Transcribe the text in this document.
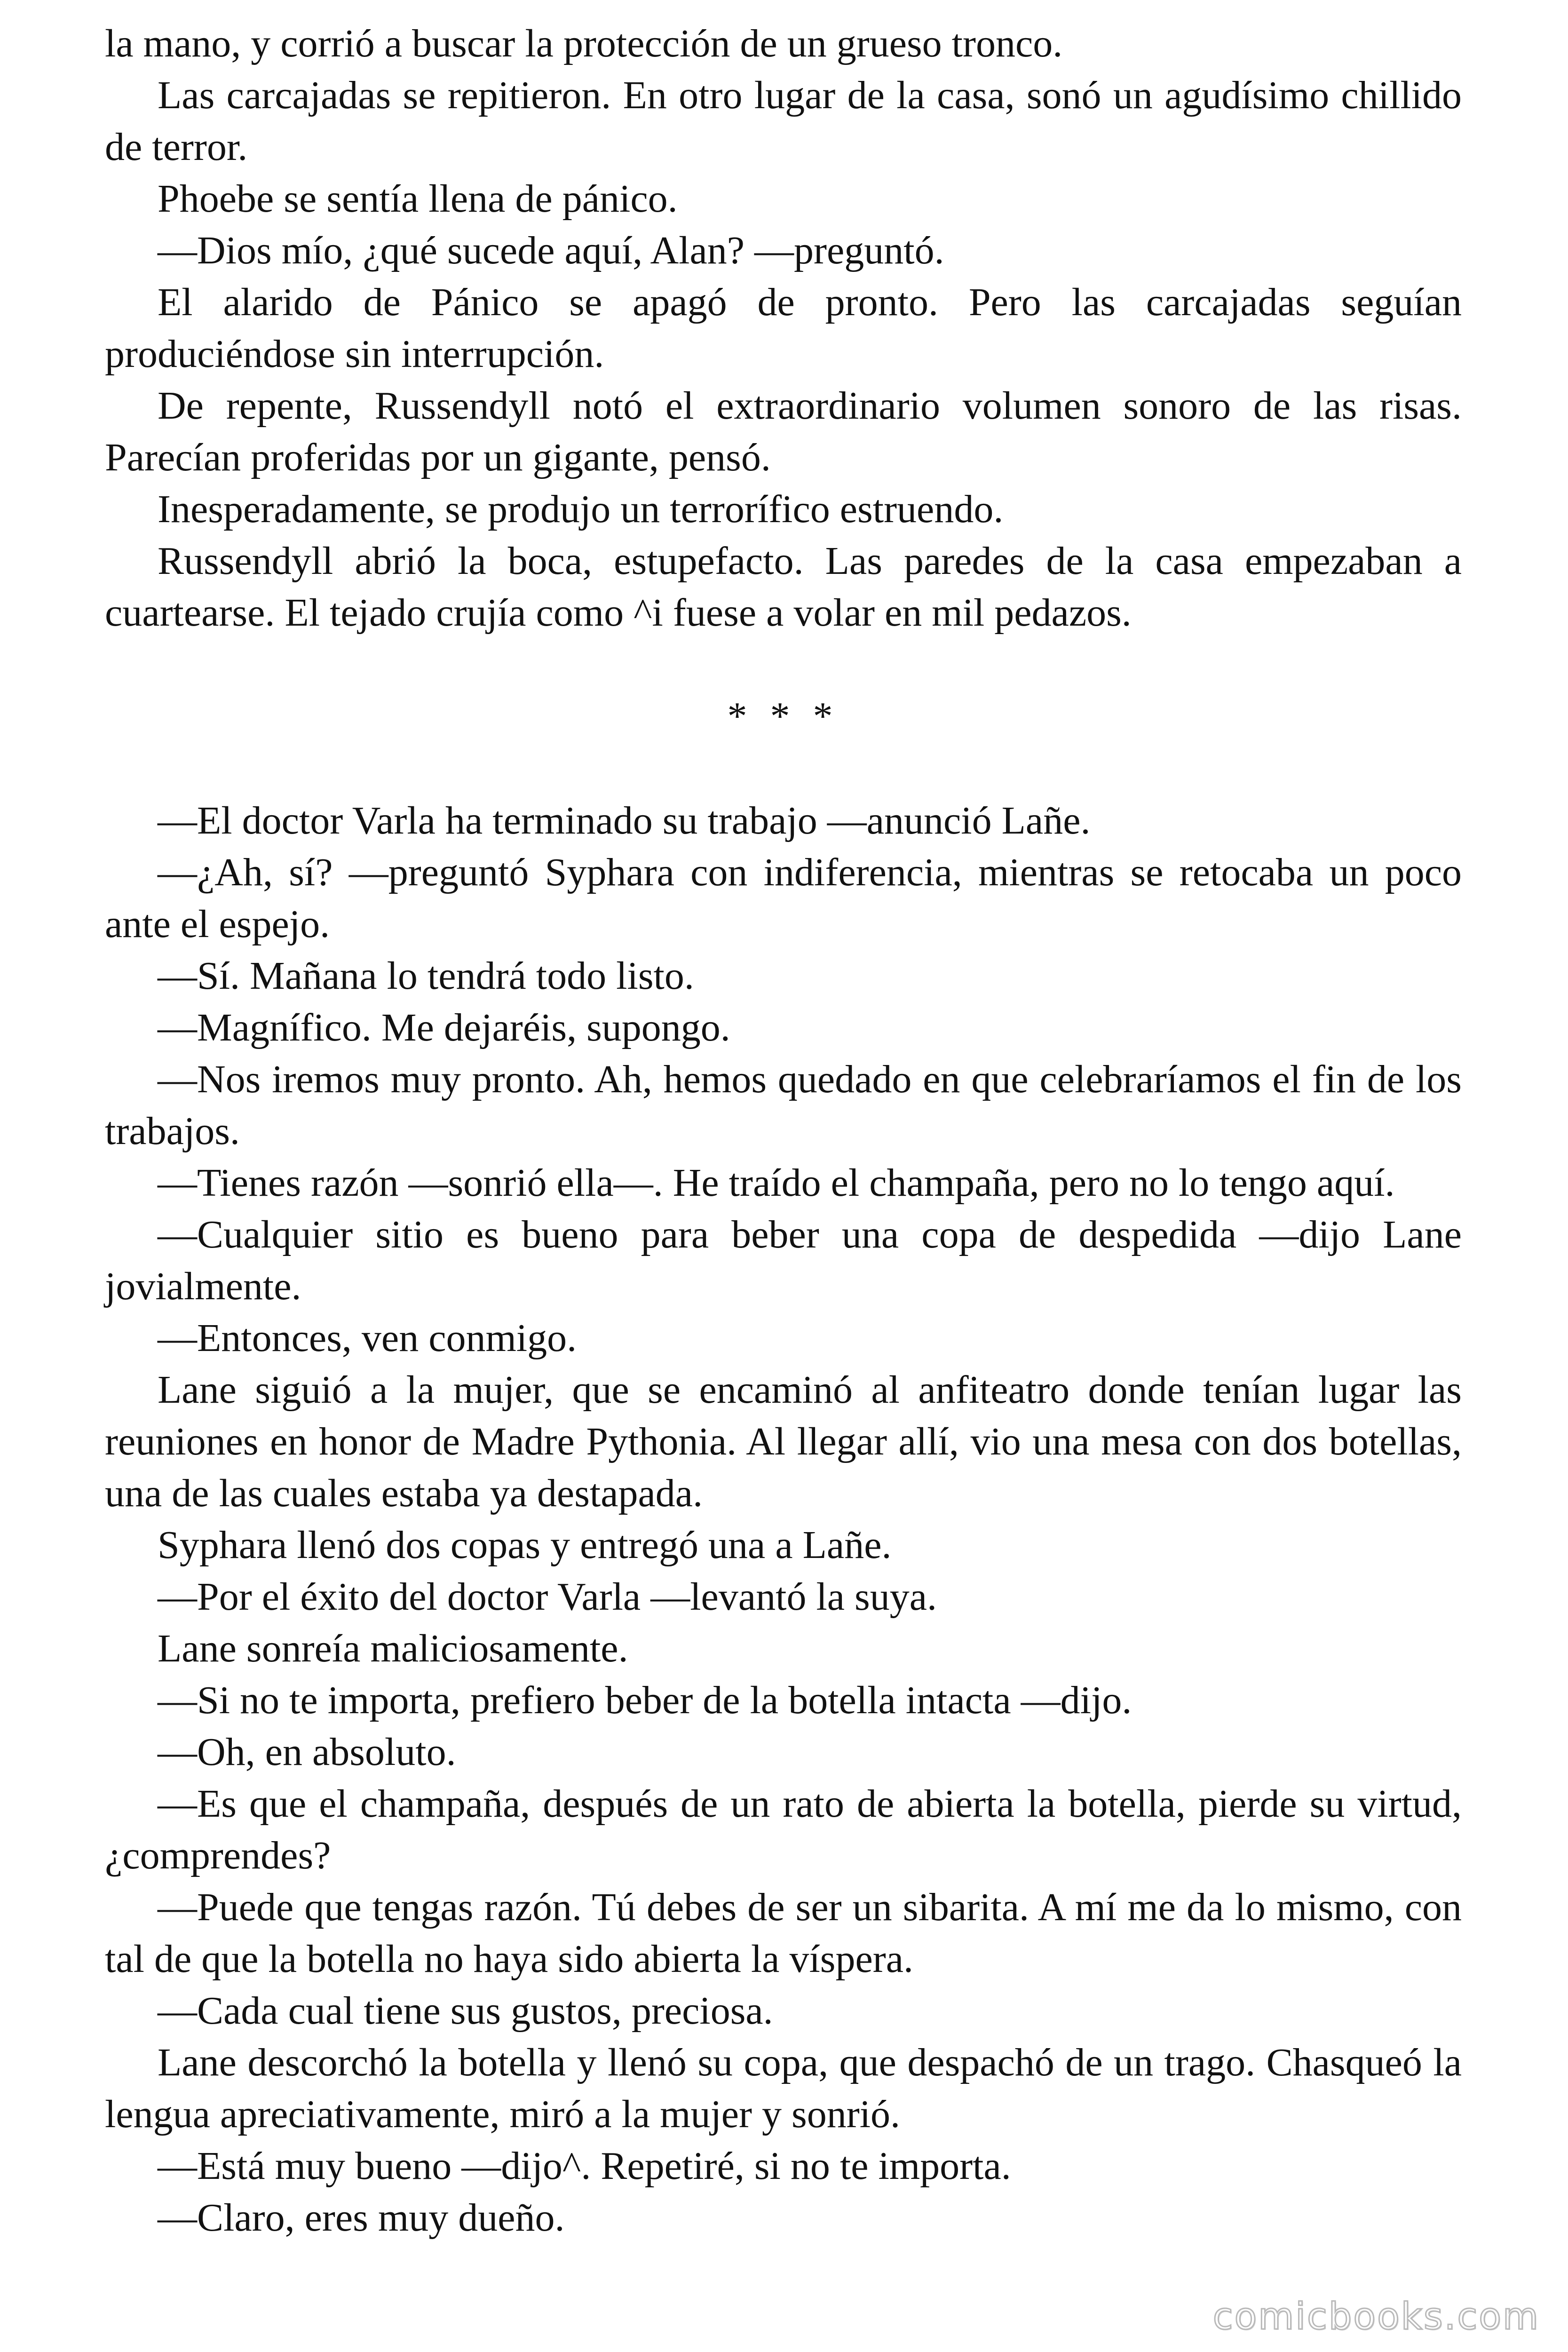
la mano, y corrió a buscar la protección de un grueso tronco.

Las carcajadas se repitieron. En otro lugar de la casa, sonó un agudísimo chillido de terror.

Phoebe se sentía llena de pánico.

—Dios mío, ¿qué sucede aquí, Alan? —preguntó.

El alarido de Pánico se apagó de pronto. Pero las carcajadas seguían produciéndose sin interrupción.

De repente, Russendyll notó el extraordinario volumen sonoro de las risas. Parecían proferidas por un gigante, pensó.

Inesperadamente, se produjo un terrorífico estruendo.

Russendyll abrió la boca, estupefacto. Las paredes de la casa empezaban a cuartearse. El tejado crujía como ^i fuese a volar en mil pedazos.

* * *

—El doctor Varla ha terminado su trabajo —anunció Lañe.

—¿Ah, sí? —preguntó Syphara con indiferencia, mientras se retocaba un poco ante el espejo.

—Sí. Mañana lo tendrá todo listo.

—Magnífico. Me dejaréis, supongo.

—Nos iremos muy pronto. Ah, hemos quedado en que celebraríamos el fin de los trabajos.

—Tienes razón —sonrió ella—. He traído el champaña, pero no lo tengo aquí.

—Cualquier sitio es bueno para beber una copa de despedida —dijo Lane jovialmente.

—Entonces, ven conmigo.

Lane siguió a la mujer, que se encaminó al anfiteatro donde tenían lugar las reuniones en honor de Madre Pythonia. Al llegar allí, vio una mesa con dos botellas, una de las cuales estaba ya destapada.

Syphara llenó dos copas y entregó una a Lañe.

—Por el éxito del doctor Varla —levantó la suya.

Lane sonreía maliciosamente.

—Si no te importa, prefiero beber de la botella intacta —dijo.

—Oh, en absoluto.

—Es que el champaña, después de un rato de abierta la botella, pierde su virtud, ¿comprendes?

—Puede que tengas razón. Tú debes de ser un sibarita. A mí me da lo mismo, con tal de que la botella no haya sido abierta la víspera.

—Cada cual tiene sus gustos, preciosa.

Lane descorchó la botella y llenó su copa, que despachó de un trago. Chasqueó la lengua apreciativamente, miró a la mujer y sonrió.

—Está muy bueno —dijo^. Repetiré, si no te importa.

—Claro, eres muy dueño.

comicbooks.com
